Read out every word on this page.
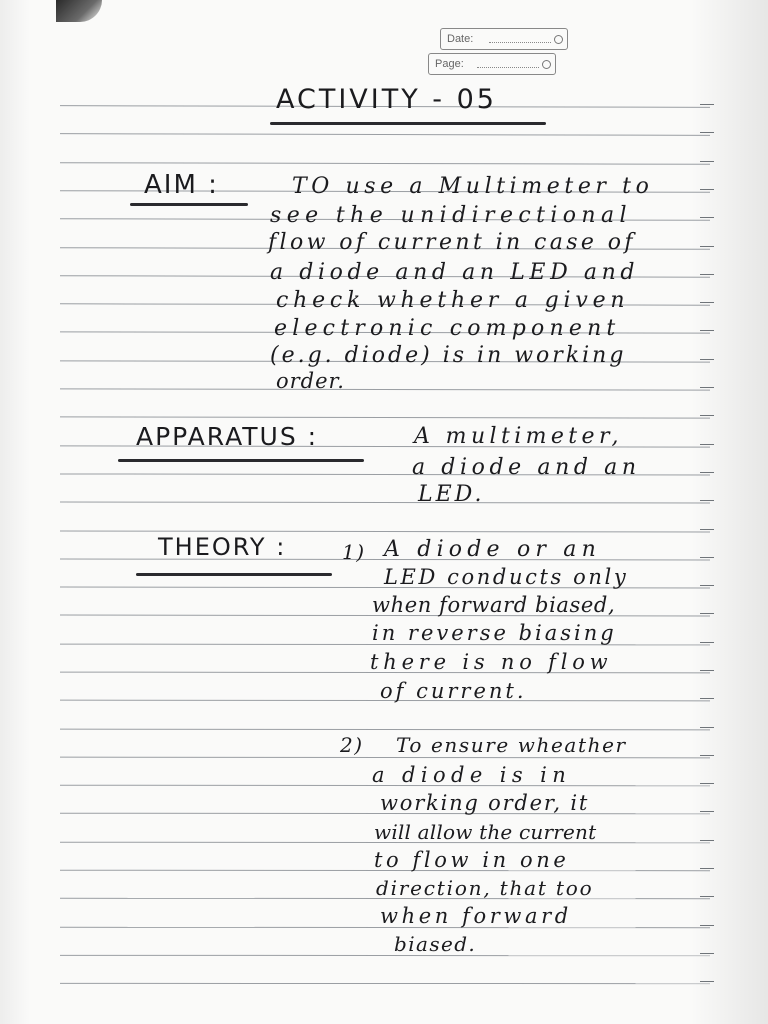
Date:
Page:
ACTIVITY - 05
AIM :	TO use a Multimeter to
see the unidirectional
flow of current in case of
a diode and an LED and
check whether a given
electronic component
(e.g. diode) is in working
order.
APPARATUS :	A multimeter,
a diode and an
LED.
THEORY :	1) A diode or an
LED conducts only
when forward biased,
in reverse biasing
there is no flow
of current.
2) To ensure wheather
a diode is in
working order, it
will allow the current
to flow in one
direction, that too
when forward
biased.
